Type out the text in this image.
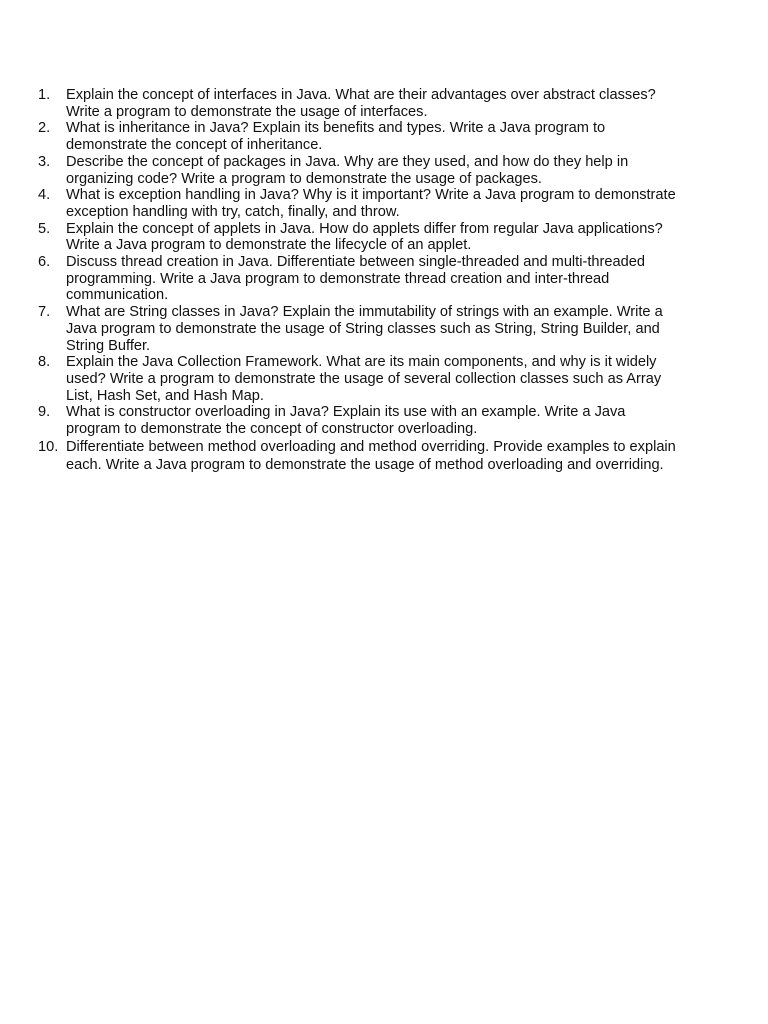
1.	Explain the concept of interfaces in Java. What are their advantages over abstract classes? Write a program to demonstrate the usage of interfaces.
2.	What is inheritance in Java? Explain its benefits and types. Write a Java program to demonstrate the concept of inheritance.
3.	Describe the concept of packages in Java. Why are they used, and how do they help in organizing code? Write a program to demonstrate the usage of packages.
4.	What is exception handling in Java? Why is it important? Write a Java program to demonstrate exception handling with try, catch, finally, and throw.
5.	Explain the concept of applets in Java. How do applets differ from regular Java applications? Write a Java program to demonstrate the lifecycle of an applet.
6.	Discuss thread creation in Java. Differentiate between single-threaded and multi-threaded programming. Write a Java program to demonstrate thread creation and inter-thread communication.
7.	What are String classes in Java? Explain the immutability of strings with an example. Write a Java program to demonstrate the usage of String classes such as String, String Builder, and String Buffer.
8.	Explain the Java Collection Framework. What are its main components, and why is it widely used? Write a program to demonstrate the usage of several collection classes such as Array List, Hash Set, and Hash Map.
9.	What is constructor overloading in Java? Explain its use with an example. Write a Java program to demonstrate the concept of constructor overloading.
10. Differentiate between method overloading and method overriding. Provide examples to explain each. Write a Java program to demonstrate the usage of method overloading and overriding.
